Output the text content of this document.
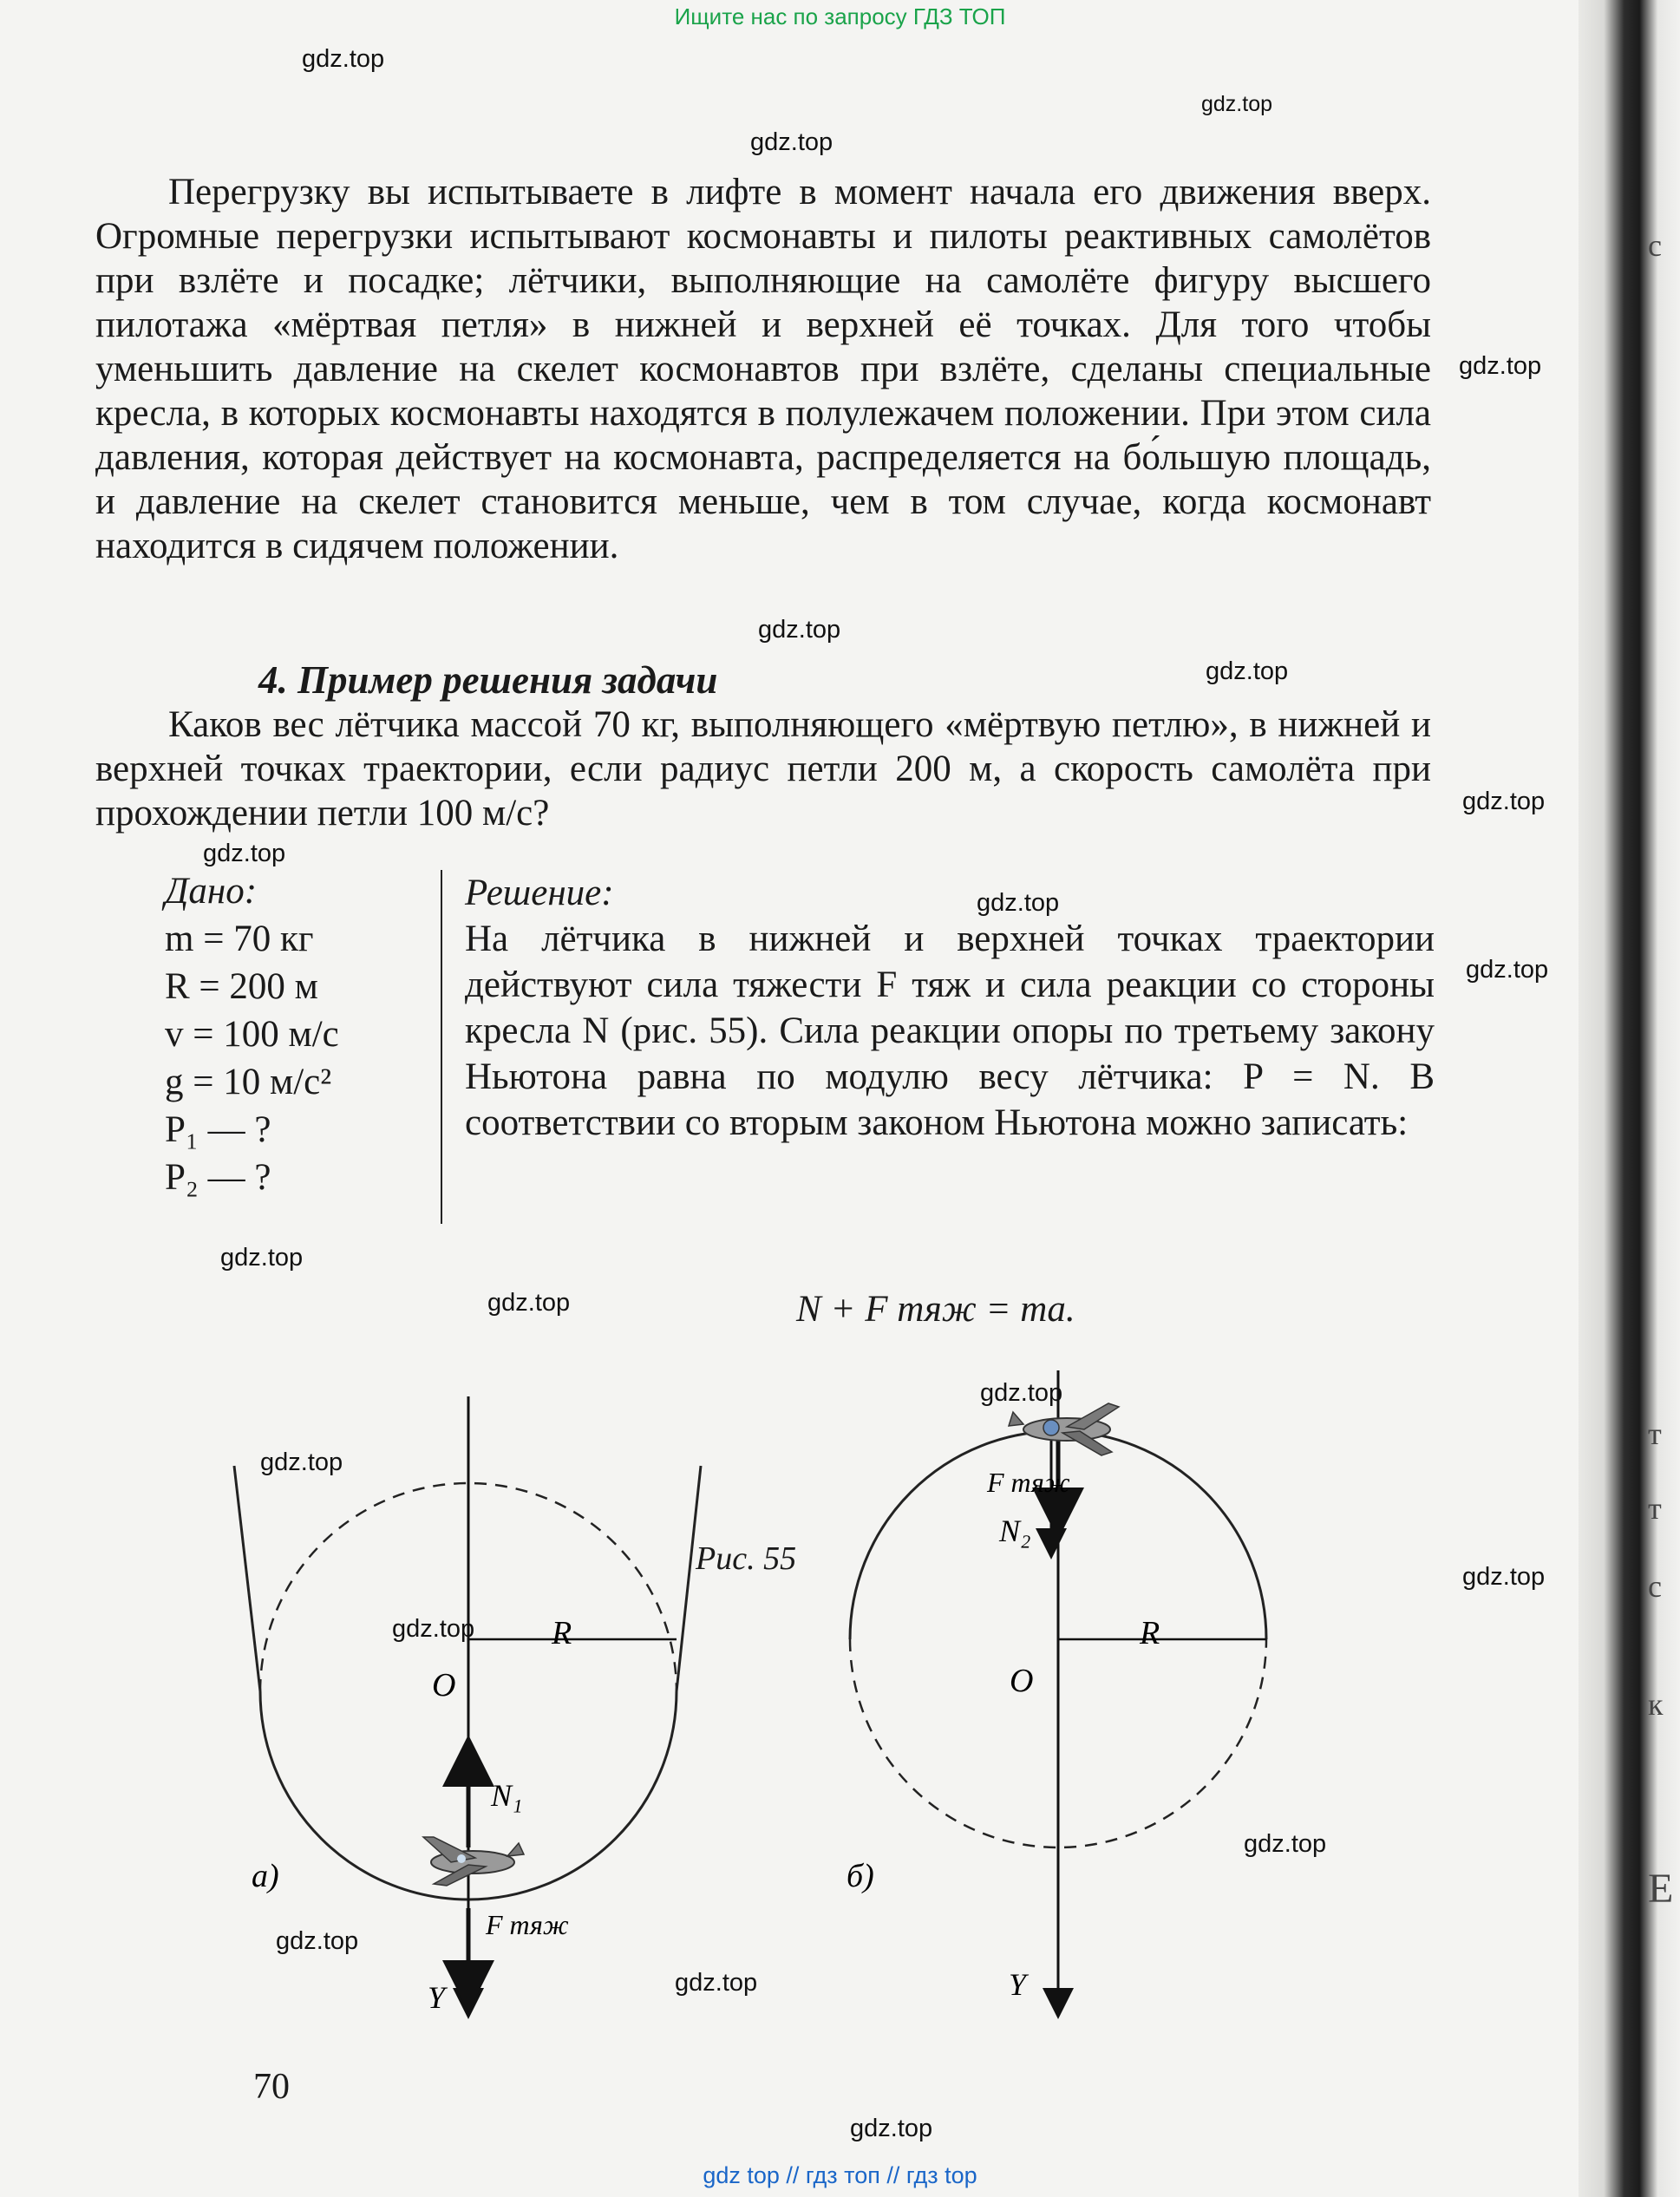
Ищите нас по запросу ГДЗ ТОП
gdz.top
gdz.top
gdz.top
gdz.top
gdz.top
gdz.top
gdz.top
gdz.top
gdz.top
gdz.top
gdz.top
gdz.top
gdz.top
gdz.top
gdz.top
gdz.top
gdz.top
gdz.top
gdz.top
gdz.top

Перегрузку вы испытываете в лифте в момент начала его движения вверх. Огромные перегрузки испытывают космонавты и пилоты реактивных самолётов при взлёте и посадке; лётчики, выполняющие на самолёте фигуру высшего пилотажа «мёртвая петля» в нижней и верхней её точках. Для того чтобы уменьшить давление на скелет космонавтов при взлёте, сделаны специальные кресла, в которых космонавты находятся в полулежачем положении. При этом сила давления, которая действует на космонавта, распределяется на бо́льшую площадь, и давление на скелет становится меньше, чем в том случае, когда космонавт находится в сидячем положении.

4. Пример решения задачи

Каков вес лётчика массой 70 кг, выполняющего «мёртвую петлю», в нижней и верхней точках траектории, если радиус петли 200 м, а скорость самолёта при прохождении петли 100 м/с?

Дано:
m = 70 кг
R = 200 м
v = 100 м/с
g = 10 м/с²
P₁ — ?
P₂ — ?
Решение:
На лётчика в нижней и верхней точках траектории действуют сила тяжести F тяж и сила реакции со стороны кресла N (рис. 55). Сила реакции опоры по третьему закону Ньютона равна по модулю весу лётчика: P = N. В соответствии со вторым законом Ньютона можно записать:
N + F тяж = ma.
O
R
N₁
F тяж
Y
а)
F тяж
N₂
O
R
Y
б)
Рис. 55
70
с
т
т
с
к
Е
gdz top // гдз топ // гдз top
